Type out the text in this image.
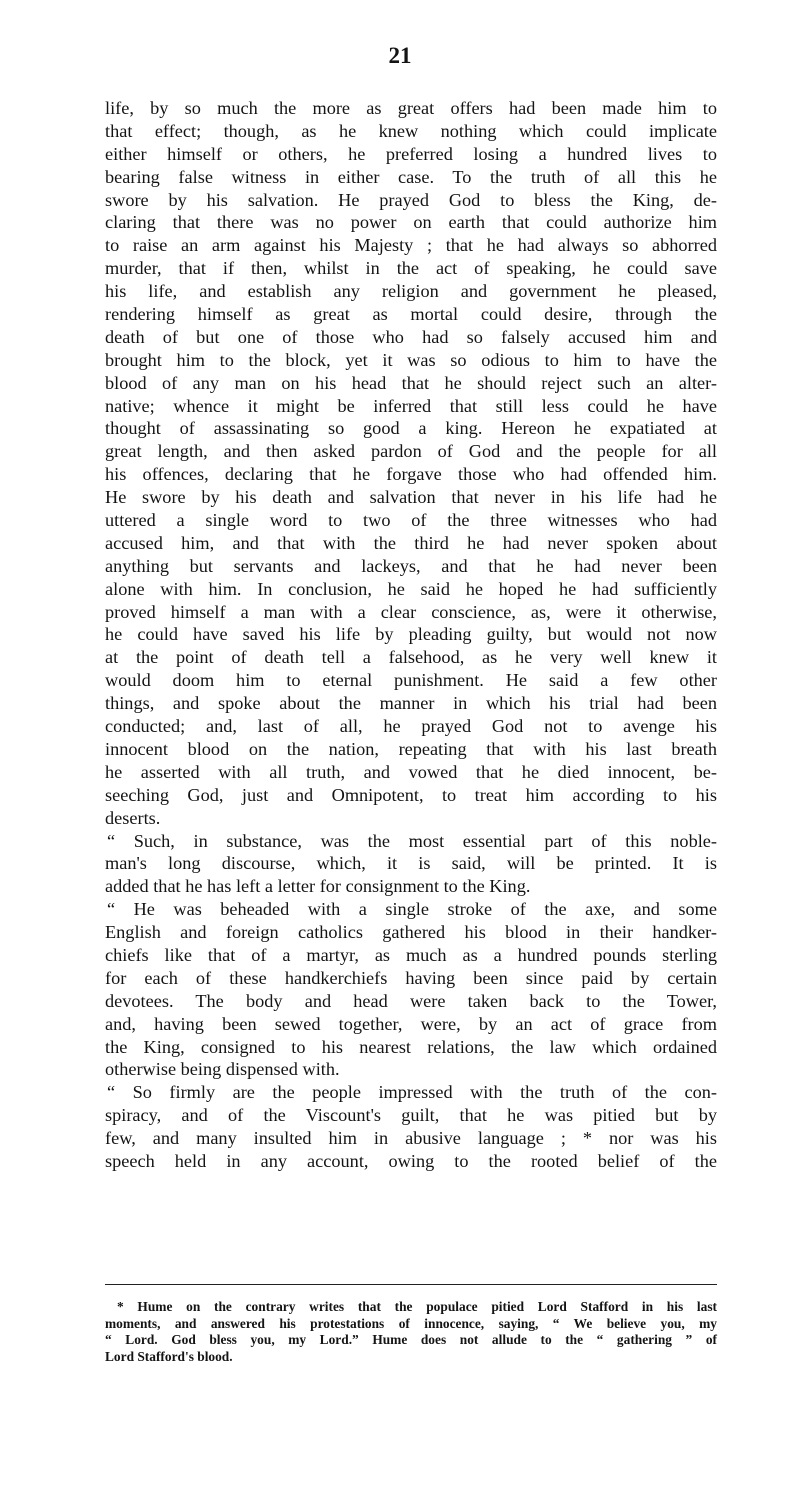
21
life, by so much the more as great offers had been made him to
that effect; though, as he knew nothing which could implicate
either himself or others, he preferred losing a hundred lives to
bearing false witness in either case. To the truth of all this he
swore by his salvation. He prayed God to bless the King, de-
claring that there was no power on earth that could authorize him
to raise an arm against his Majesty ; that he had always so abhorred
murder, that if then, whilst in the act of speaking, he could save
his life, and establish any religion and government he pleased,
rendering himself as great as mortal could desire, through the
death of but one of those who had so falsely accused him and
brought him to the block, yet it was so odious to him to have the
blood of any man on his head that he should reject such an alter-
native; whence it might be inferred that still less could he have
thought of assassinating so good a king. Hereon he expatiated at
great length, and then asked pardon of God and the people for all
his offences, declaring that he forgave those who had offended him.
He swore by his death and salvation that never in his life had he
uttered a single word to two of the three witnesses who had
accused him, and that with the third he had never spoken about
anything but servants and lackeys, and that he had never been
alone with him. In conclusion, he said he hoped he had sufficiently
proved himself a man with a clear conscience, as, were it otherwise,
he could have saved his life by pleading guilty, but would not now
at the point of death tell a falsehood, as he very well knew it
would doom him to eternal punishment. He said a few other
things, and spoke about the manner in which his trial had been
conducted; and, last of all, he prayed God not to avenge his
innocent blood on the nation, repeating that with his last breath
he asserted with all truth, and vowed that he died innocent, be-
seeching God, just and Omnipotent, to treat him according to his
deserts.
“ Such, in substance, was the most essential part of this noble-
man's long discourse, which, it is said, will be printed. It is
added that he has left a letter for consignment to the King.
“ He was beheaded with a single stroke of the axe, and some
English and foreign catholics gathered his blood in their handker-
chiefs like that of a martyr, as much as a hundred pounds sterling
for each of these handkerchiefs having been since paid by certain
devotees. The body and head were taken back to the Tower,
and, having been sewed together, were, by an act of grace from
the King, consigned to his nearest relations, the law which ordained
otherwise being dispensed with.
“ So firmly are the people impressed with the truth of the con-
spiracy, and of the Viscount's guilt, that he was pitied but by
few, and many insulted him in abusive language ; * nor was his
speech held in any account, owing to the rooted belief of the
* Hume on the contrary writes that the populace pitied Lord Stafford in his last
moments, and answered his protestations of innocence, saying, “ We believe you, my
“ Lord. God bless you, my Lord.” Hume does not allude to the “ gathering ” of
Lord Stafford's blood.
